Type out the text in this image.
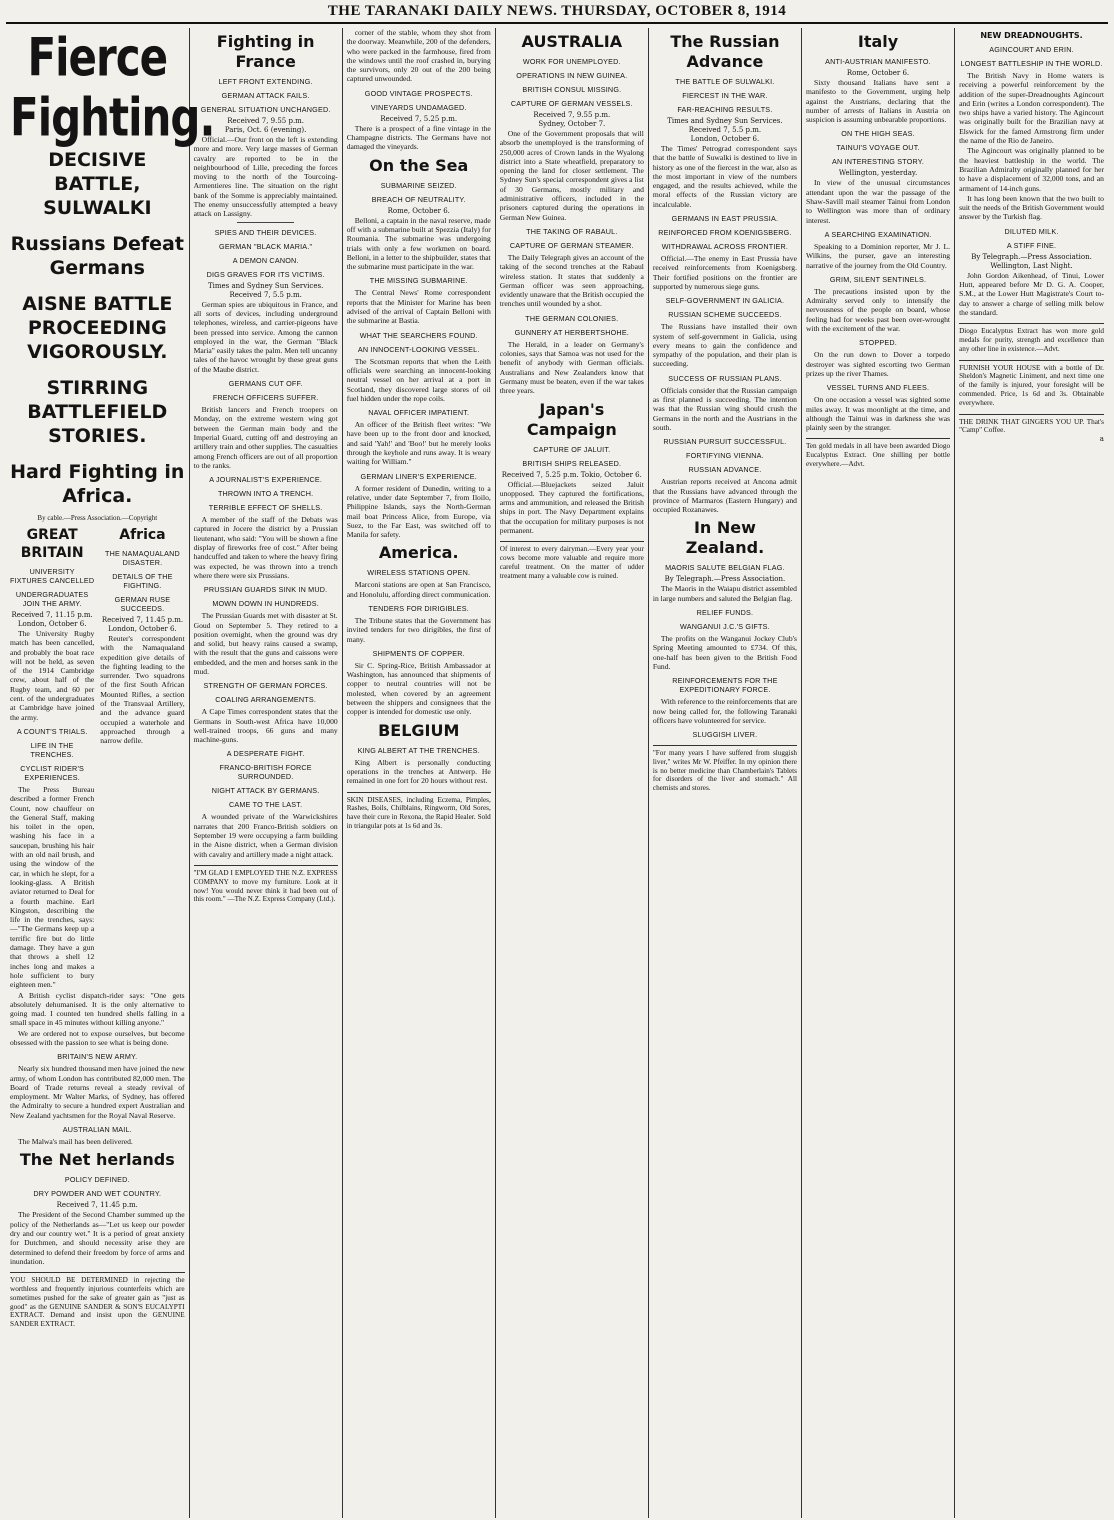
THE TARANAKI DAILY NEWS. THURSDAY, OCTOBER 8, 1914
Fierce Fighting.
DECISIVE BATTLE, SULWALKI
Russians Defeat Germans
AISNE BATTLE PROCEEDING VIGOROUSLY.
STIRRING BATTLEFIELD STORIES.
Hard Fighting in Africa.
By cable.—Press Association.—Copyright
GREAT BRITAIN
UNIVERSITY FIXTURES CANCELLED
UNDERGRADUATES JOIN THE ARMY.
Received 7, 11.15 p.m.
London, October 6.

The University Rugby match has been cancelled, and probably the boat race will not be held, as seven of the 1914 Cambridge crew, about half of the Rugby team, and 60 per cent. of the undergraduates at Cambridge have joined the army.

A COUNT'S TRIALS.
LIFE IN THE TRENCHES.
CYCLIST RIDER'S EXPERIENCES.

The Press Bureau described a former French Count, now chauffeur on the General Staff, making his toilet in the open, washing his face in a saucepan, brushing his hair with an old nail brush, and using the window of the car, in which he slept, for a looking-glass. A British aviator returned to Deal for a fourth machine. Earl Kingston, describing the life in the trenches, says:—"The Germans keep up a terrific fire but do little damage. They have a gun that throws a shell 12 inches long and makes a hole sufficient to bury eighteen men."

Africa
THE NAMAQUALAND DISASTER.
DETAILS OF THE FIGHTING.
GERMAN RUSE SUCCEEDS.
Received 7, 11.45 p.m.
London, October 6.

Reuter's correspondent with the Namaqualand expedition give details of the fighting leading to the surrender. Two squadrons of the first South African Mounted Rifles, a section of the Transvaal Artillery, and the advance guard occupied a waterhole and approached through a narrow defile.

A British cyclist dispatch-rider says: "One gets absolutely dehumanised. It is the only alternative to going mad. I counted ten hundred shells falling in a small space in 45 minutes without killing anyone."

We are ordered not to expose ourselves, but become obsessed with the passion to see what is being done.

BRITAIN'S NEW ARMY.

Nearly six hundred thousand men have joined the new army, of whom London has contributed 82,000 men. The Board of Trade returns reveal a steady revival of employment. Mr Walter Marks, of Sydney, has offered the Admiralty to secure a hundred expert Australian and New Zealand yachtsmen for the Royal Naval Reserve.

AUSTRALIAN MAIL.

The Malwa's mail has been delivered.

The Net herlands
POLICY DEFINED.
DRY POWDER AND WET COUNTRY.
Received 7, 11.45 p.m.

The President of the Second Chamber summed up the policy of the Netherlands as—"Let us keep our powder dry and our country wet." It is a period of great anxiety for Dutchmen, and should necessity arise they are determined to defend their freedom by force of arms and inundation.

YOU SHOULD BE DETERMINED in rejecting the worthless and frequently injurious counterfeits which are sometimes pushed for the sake of greater gain as "just as good" as the GENUINE SANDER & SON'S EUCALYPTI EXTRACT. Demand and insist upon the GENUINE SANDER EXTRACT.

Fighting in France
LEFT FRONT EXTENDING.
GERMAN ATTACK FAILS.
GENERAL SITUATION UNCHANGED.
Received 7, 9.55 p.m.
Paris, Oct. 6 (evening).

Official.—Our front on the left is extending more and more. Very large masses of German cavalry are reported to be in the neighbourhood of Lille, preceding the forces moving to the north of the Tourcoing-Armentieres line. The situation on the right bank of the Somme is appreciably maintained. The enemy unsuccessfully attempted a heavy attack on Lassigny.

SPIES AND THEIR DEVICES.
GERMAN "BLACK MARIA."
A DEMON CANON.
DIGS GRAVES FOR ITS VICTIMS.
Times and Sydney Sun Services. Received 7, 5.5 p.m.

German spies are ubiquitous in France, and all sorts of devices, including underground telephones, wireless, and carrier-pigeons have been pressed into service. Among the cannon employed in the war, the German "Black Maria" easily takes the palm. Men tell uncanny tales of the havoc wrought by these great guns of the Maube district.

GERMANS CUT OFF.
FRENCH OFFICERS SUFFER.

British lancers and French troopers on Monday, on the extreme western wing got between the German main body and the Imperial Guard, cutting off and destroying an artillery train and other supplies. The casualties among French officers are out of all proportion to the ranks.

A JOURNALIST'S EXPERIENCE.
THROWN INTO A TRENCH.
TERRIBLE EFFECT OF SHELLS.

A member of the staff of the Debats was captured in Jocere the district by a Prussian lieutenant, who said: "You will be shown a fine display of fireworks free of cost." After being handcuffed and taken to where the heavy firing was expected, he was thrown into a trench where there were six Prussians.

PRUSSIAN GUARDS SINK IN MUD.
MOWN DOWN IN HUNDREDS.

The Prussian Guards met with disaster at St. Goud on September 5. They retired to a position overnight, when the ground was dry and solid, but heavy rains caused a swamp, with the result that the guns and caissons were embedded, and the men and horses sank in the mud.

STRENGTH OF GERMAN FORCES.
COALING ARRANGEMENTS.

A Cape Times correspondent states that the Germans in South-west Africa have 10,000 well-trained troops, 66 guns and many machine-guns.

A DESPERATE FIGHT.
FRANCO-BRITISH FORCE SURROUNDED.
NIGHT ATTACK BY GERMANS.
CAME TO THE LAST.

A wounded private of the Warwickshires narrates that 200 Franco-British soldiers on September 19 were occupying a farm building in the Aisne district, when a German division with cavalry and artillery made a night attack.

"I'M GLAD I EMPLOYED THE N.Z. EXPRESS COMPANY to move my furniture. Look at it now! You would never think it had been out of this room." —The N.Z. Express Company (Ltd.).

corner of the stable, whom they shot from the doorway. Meanwhile, 200 of the defenders, who were packed in the farmhouse, fired from the windows until the roof crashed in, burying the survivors, only 20 out of the 200 being captured unwounded.

GOOD VINTAGE PROSPECTS.
VINEYARDS UNDAMAGED.
Received 7, 5.25 p.m.

There is a prospect of a fine vintage in the Champagne districts. The Germans have not damaged the vineyards.

On the Sea
SUBMARINE SEIZED.
BREACH OF NEUTRALITY.
Rome, October 6.

Belloni, a captain in the naval reserve, made off with a submarine built at Spezzia (Italy) for Roumania. The submarine was undergoing trials with only a few workmen on board. Belloni, in a letter to the shipbuilder, states that the submarine must participate in the war.

THE MISSING SUBMARINE.

The Central News' Rome correspondent reports that the Minister for Marine has been advised of the arrival of Captain Belloni with the submarine at Bastia.

WHAT THE SEARCHERS FOUND.
AN INNOCENT-LOOKING VESSEL.

The Scotsman reports that when the Leith officials were searching an innocent-looking neutral vessel on her arrival at a port in Scotland, they discovered large stores of oil fuel hidden under the rope coils.

NAVAL OFFICER IMPATIENT.

An officer of the British fleet writes: "We have been up to the front door and knocked, and said 'Yah!' and 'Boo!' but he merely looks through the keyhole and runs away. It is weary waiting for William."

GERMAN LINER'S EXPERIENCE.

A former resident of Dunedin, writing to a relative, under date September 7, from Iloilo, Philippine Islands, says the North-German mail boat Princess Alice, from Europe, via Suez, to the Far East, was switched off to Manila for safety.

America.
WIRELESS STATIONS OPEN.

Marconi stations are open at San Francisco, and Honolulu, affording direct communication.

TENDERS FOR DIRIGIBLES.

The Tribune states that the Government has invited tenders for two dirigibles, the first of many.

SHIPMENTS OF COPPER.

Sir C. Spring-Rice, British Ambassador at Washington, has announced that shipments of copper to neutral countries will not be molested, when covered by an agreement between the shippers and consignees that the copper is intended for domestic use only.

BELGIUM
KING ALBERT AT THE TRENCHES.

King Albert is personally conducting operations in the trenches at Antwerp. He remained in one fort for 20 hours without rest.

SKIN DISEASES, including Eczema, Pimples, Rashes, Boils, Chilblains, Ringworm, Old Sores, have their cure in Rexona, the Rapid Healer. Sold in triangular pots at 1s 6d and 3s.

AUSTRALIA
WORK FOR UNEMPLOYED.
OPERATIONS IN NEW GUINEA.
BRITISH CONSUL MISSING.
CAPTURE OF GERMAN VESSELS.
Received 7, 9.55 p.m.
Sydney, October 7.

One of the Government proposals that will absorb the unemployed is the transforming of 250,000 acres of Crown lands in the Wyalong district into a State wheatfield, preparatory to opening the land for closer settlement. The Sydney Sun's special correspondent gives a list of 30 Germans, mostly military and administrative officers, included in the prisoners captured during the operations in German New Guinea.

THE TAKING OF RABAUL.
CAPTURE OF GERMAN STEAMER.

The Daily Telegraph gives an account of the taking of the second trenches at the Rabaul wireless station. It states that suddenly a German officer was seen approaching, evidently unaware that the British occupied the trenches until wounded by a shot.

THE GERMAN COLONIES.
GUNNERY AT HERBERTSHOHE.

The Herald, in a leader on Germany's colonies, says that Samoa was not used for the benefit of anybody with German officials. Australians and New Zealanders know that Germany must be beaten, even if the war takes three years.

Japan's Campaign
CAPTURE OF JALUIT.
BRITISH SHIPS RELEASED.
Received 7, 5.25 p.m. Tokio, October 6.

Official.—Bluejackets seized Jaluit unopposed. They captured the fortifications, arms and ammunition, and released the British ships in port. The Navy Department explains that the occupation for military purposes is not permanent.

Of interest to every dairyman.—Every year your cows become more valuable and require more careful treatment. On the matter of udder treatment many a valuable cow is ruined.

The Russian Advance
THE BATTLE OF SULWALKI.
FIERCEST IN THE WAR.
FAR-REACHING RESULTS.
Times and Sydney Sun Services. Received 7, 5.5 p.m.
London, October 6.

The Times' Petrograd correspondent says that the battle of Suwalki is destined to live in history as one of the fiercest in the war, also as the most important in view of the numbers engaged, and the results achieved, while the moral effects of the Russian victory are incalculable.

GERMANS IN EAST PRUSSIA.
REINFORCED FROM KOENIGSBERG.
WITHDRAWAL ACROSS FRONTIER.

Official.—The enemy in East Prussia have received reinforcements from Koenigsberg. Their fortified positions on the frontier are supported by numerous siege guns.

SELF-GOVERNMENT IN GALICIA.
RUSSIAN SCHEME SUCCEEDS.

The Russians have installed their own system of self-government in Galicia, using every means to gain the confidence and sympathy of the population, and their plan is succeeding.

SUCCESS OF RUSSIAN PLANS.

Officials consider that the Russian campaign as first planned is succeeding. The intention was that the Russian wing should crush the Germans in the north and the Austrians in the south.

RUSSIAN PURSUIT SUCCESSFUL.
FORTIFYING VIENNA.
RUSSIAN ADVANCE.

Austrian reports received at Ancona admit that the Russians have advanced through the province of Marmaros (Eastern Hungary) and occupied Rozanawes.

In New Zealand.
MAORIS SALUTE BELGIAN FLAG.
By Telegraph.—Press Association.

The Maoris in the Waiapu district assembled in large numbers and saluted the Belgian flag.

RELIEF FUNDS.
WANGANUI J.C.'S GIFTS.

The profits on the Wanganui Jockey Club's Spring Meeting amounted to £734. Of this, one-half has been given to the British Food Fund.

REINFORCEMENTS FOR THE EXPEDITIONARY FORCE.

With reference to the reinforcements that are now being called for, the following Taranaki officers have volunteered for service.

SLUGGISH LIVER.

"For many years I have suffered from sluggish liver," writes Mr W. Pfeiffer. In my opinion there is no better medicine than Chamberlain's Tablets for disorders of the liver and stomach." All chemists and stores.

Italy
ANTI-AUSTRIAN MANIFESTO.
Rome, October 6.

Sixty thousand Italians have sent a manifesto to the Government, urging help against the Austrians, declaring that the number of arrests of Italians in Austria on suspicion is assuming unbearable proportions.

ON THE HIGH SEAS.
TAINUI'S VOYAGE OUT.
AN INTERESTING STORY.
Wellington, yesterday.

In view of the unusual circumstances attendant upon the war the passage of the Shaw-Savill mail steamer Tainui from London to Wellington was more than of ordinary interest.

A SEARCHING EXAMINATION.

Speaking to a Dominion reporter, Mr J. L. Wilkins, the purser, gave an interesting narrative of the journey from the Old Country.

GRIM, SILENT SENTINELS.

The precautions insisted upon by the Admiralty served only to intensify the nervousness of the people on board, whose feeling had for weeks past been over-wrought with the excitement of the war.

STOPPED.

On the run down to Dover a torpedo destroyer was sighted escorting two German prizes up the river Thames.

VESSEL TURNS AND FLEES.

On one occasion a vessel was sighted some miles away. It was moonlight at the time, and although the Tainui was in darkness she was plainly seen by the stranger.

Ten gold medals in all have been awarded Diogo Eucalyptus Extract. One shilling per bottle everywhere.—Advt.

NEW DREADNOUGHTS.
AGINCOURT AND ERIN.
LONGEST BATTLESHIP IN THE WORLD.

The British Navy in Home waters is receiving a powerful reinforcement by the addition of the super-Dreadnoughts Agincourt and Erin (writes a London correspondent). The two ships have a varied history. The Agincourt was originally built for the Brazilian navy at Elswick for the famed Armstrong firm under the name of the Rio de Janeiro.

The Agincourt was originally planned to be the heaviest battleship in the world. The Brazilian Admiralty originally planned for her to have a displacement of 32,000 tons, and an armament of 14-inch guns.

It has long been known that the two built to suit the needs of the British Government would answer by the Turkish flag.

DILUTED MILK.
A STIFF FINE.
By Telegraph.—Press Association. Wellington, Last Night.

John Gordon Aikenhead, of Tinui, Lower Hutt, appeared before Mr D. G. A. Cooper, S.M., at the Lower Hutt Magistrate's Court to-day to answer a charge of selling milk below the standard.

Diogo Eucalyptus Extract has won more gold medals for purity, strength and excellence than any other line in existence.—Advt.

FURNISH YOUR HOUSE with a bottle of Dr. Sheldon's Magnetic Liniment, and next time one of the family is injured, your foresight will be commended. Price, 1s 6d and 3s. Obtainable everywhere.

THE DRINK THAT GINGERS YOU UP. That's "Camp" Coffee.

a
